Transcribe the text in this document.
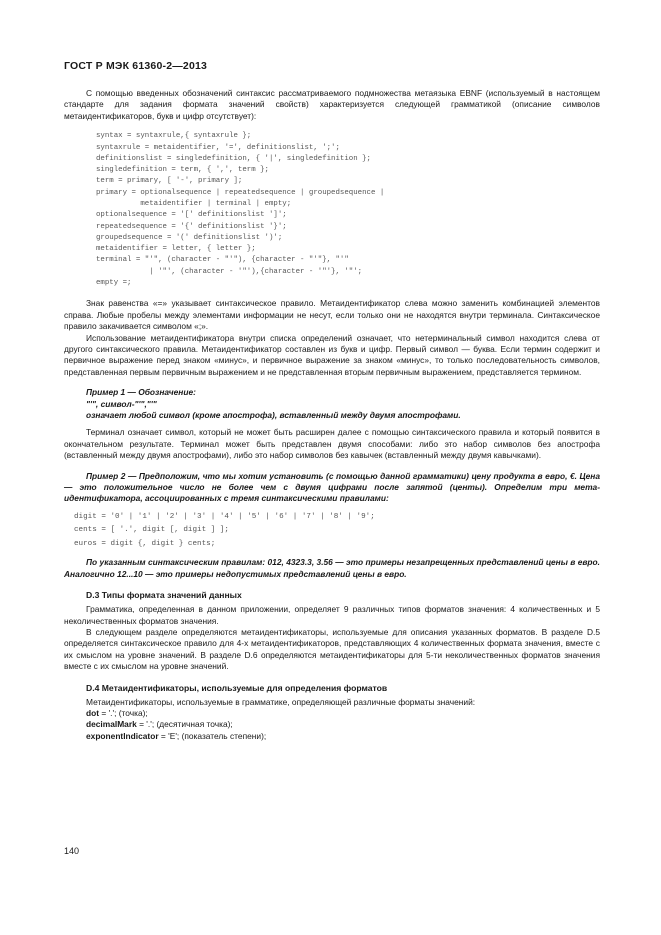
ГОСТ Р МЭК 61360-2—2013

С помощью введенных обозначений синтаксис рассматриваемого подмножества метаязыка EBNF (используемый в настоящем стандарте для задания формата значений свойств) характеризуется следующей грамматикой (описание символов метаидентификаторов, букв и цифр отсутствует):

syntax = syntaxrule,{ syntaxrule };
syntaxrule = metaidentifier, '=', definitionslist, ';';
definitionslist = singledefinition, { '|', singledefinition };
singledefinition = term, { ',', term };
term = primary, [ '-', primary ];
primary = optionalsequence | repeatedsequence | groupedsequence |
metaidentifier | terminal | empty;
optionalsequence = '[' definitionslist ']';
repeatedsequence = '{' definitionslist '}';
groupedsequence = '(' definitionslist ')';
metaidentifier = letter, { letter };
terminal = "'", (character - "'"), {character - "'"}, "'"
| '"', (character - '"'),{character - '"'}, '"';
empty =;

Знак равенства «=» указывает синтаксическое правило. Метаидентификатор слева можно заменить комбинацией элементов справа. Любые пробелы между элементами информации не несут, если только они не находятся внутри терминала. Синтаксическое правило закачивается символом «;».

Использование метаидентификатора внутри списка определений означает, что нетерминальный символ находится слева от другого синтаксического правила. Метаидентификатор составлен из букв и цифр. Первый символ — буква. Если термин содержит и первичное выражение перед знаком «минус», и первичное выражение за знаком «минус», то только последовательность символов, представленная первым первичным выражением и не представленная вторым первичным выражением, представляется термином.

Пример 1 — Обозначение:
"'", символ-"'","'"
означает любой символ (кроме апострофа), вставленный между двумя апострофами.

Терминал означает символ, который не может быть расширен далее с помощью синтаксического правила и который появится в окончательном результате. Терминал может быть представлен двумя способами: либо это набор символов без апострофа (вставленный между двумя апострофами), либо это набор символов без кавычек (вставленный между двумя кавычками).

Пример 2 — Предположим, что мы хотим установить (с помощью данной грамматики) цену продукта в евро, €. Цена — это положительное число не более чем с двумя цифрами после запятой (центы). Определим три мета-идентификатора, ассоциированных с тремя синтаксическими правилами:

digit = '0' | '1' | '2' | '3' | '4' | '5' | '6' | '7' | '8' | '9';
cents = [ '.', digit [, digit ] ];
euros = digit {, digit } cents;

По указанным синтаксическим правилам: 012, 4323.3, 3.56 — это примеры незапрещенных представлений цены в евро. Аналогично 12...10 — это примеры недопустимых представлений цены в евро.

D.3 Типы формата значений данных

Грамматика, определенная в данном приложении, определяет 9 различных типов форматов значения: 4 количественных и 5 неколичественных форматов значения.

В следующем разделе определяются метаидентификаторы, используемые для описания указанных форматов. В разделе D.5 определяется синтаксическое правило для 4-х метаидентификаторов, представляющих 4 количественных формата значения, вместе с их смыслом на уровне значений. В разделе D.6 определяются метаидентификаторы для 5-ти неколичественных форматов значения вместе с их смыслом на уровне значений.

D.4 Метаидентификаторы, используемые для определения форматов
Метаидентификаторы, используемые в грамматике, определяющей различные форматы значений:
dot = '.'; (точка);
decimalMark = '.'; (десятичная точка);
exponentIndicator = 'E'; (показатель степени);
140
